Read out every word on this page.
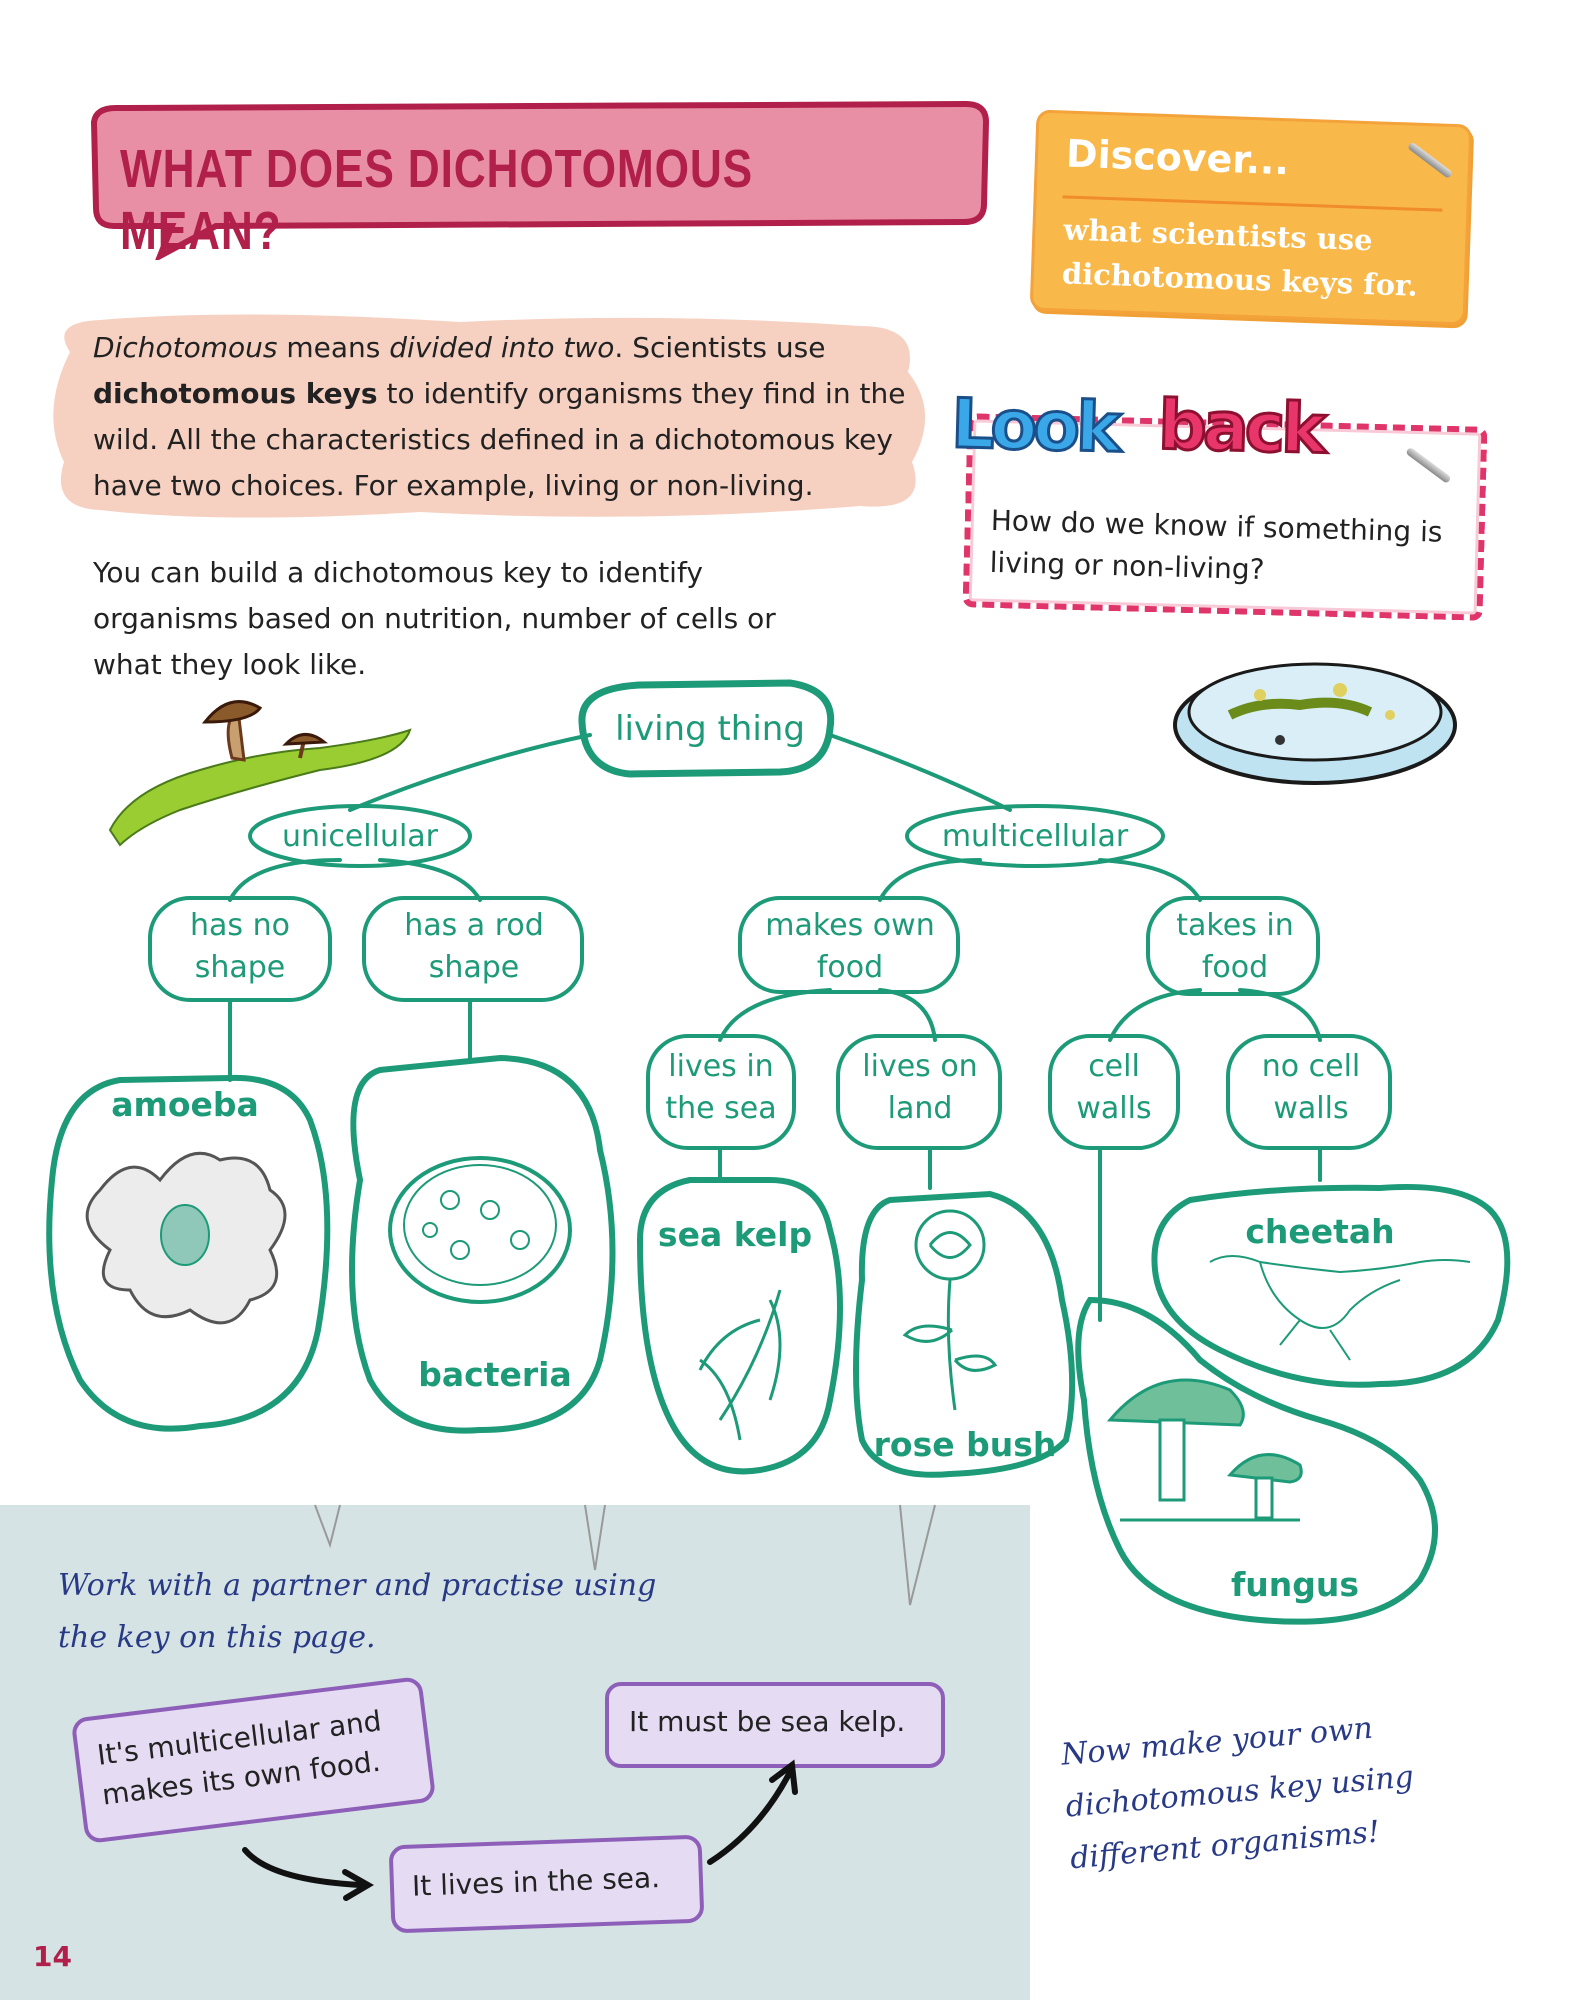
WHAT DOES DICHOTOMOUS MEAN?
Discover...
what scientists use dichotomous keys for.
Dichotomous means divided into two. Scientists use dichotomous keys to identify organisms they find in the wild. All the characteristics defined in a dichotomous key have two choices. For example, living or non-living.
You can build a dichotomous key to identify organisms based on nutrition, number of cells or what they look like.
Look back
How do we know if something is living or non-living?
living thing
unicellular	multicellular
has no shape
has a rod shape
makes own food
takes in food
lives in the sea
lives on land
cell walls
no cell walls
amoeba
bacteria
sea kelp
rose bush
cheetah
fungus
Work with a partner and practise using the key on this page.
It's multicellular and makes its own food.
It lives in the sea.
It must be sea kelp.	Now make your own dichotomous key using different organisms!
14
